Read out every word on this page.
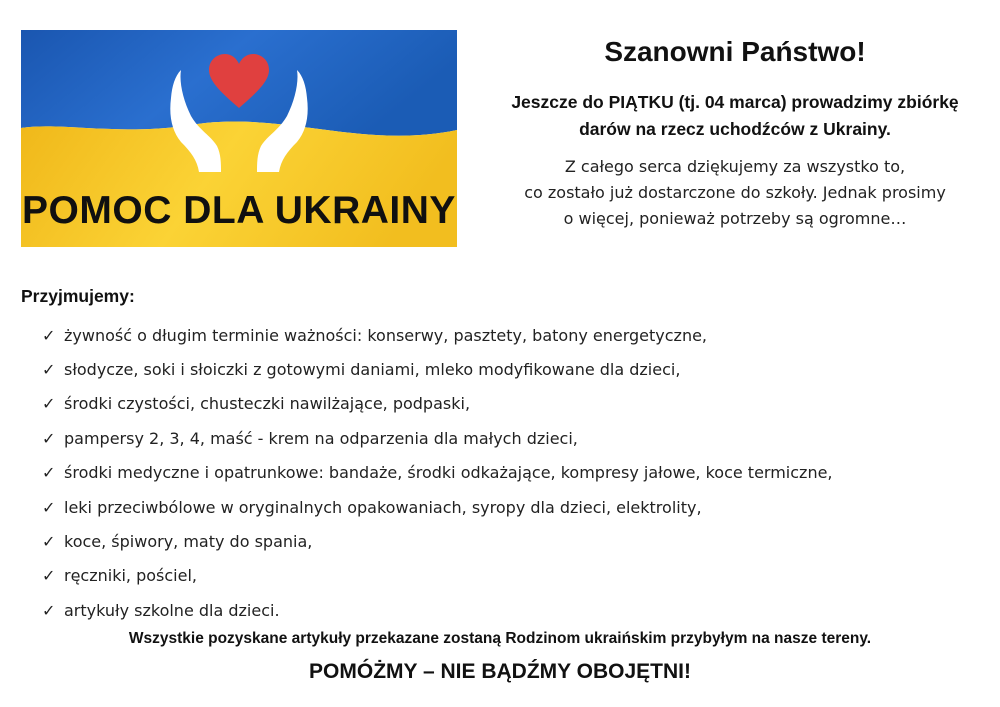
POMOC DLA UKRAINY
Szanowni Państwo!
Jeszcze do PIĄTKU (tj. 04 marca) prowadzimy zbiórkę
darów na rzecz uchodźców z Ukrainy.
Z całego serca dziękujemy za wszystko to,
co zostało już dostarczone do szkoły. Jednak prosimy
o więcej, ponieważ potrzeby są ogromne…
Przyjmujemy:
✓ żywność o długim terminie ważności: konserwy, pasztety, batony energetyczne,
✓ słodycze, soki i słoiczki z gotowymi daniami, mleko modyfikowane dla dzieci,
✓ środki czystości, chusteczki nawilżające, podpaski,
✓ pampersy 2, 3, 4, maść - krem na odparzenia dla małych dzieci,
✓ środki medyczne i opatrunkowe: bandaże, środki odkażające, kompresy jałowe, koce termiczne,
✓ leki przeciwbólowe w oryginalnych opakowaniach, syropy dla dzieci, elektrolity,
✓ koce, śpiwory, maty do spania,
✓ ręczniki, pościel,
✓ artykuły szkolne dla dzieci.
Wszystkie pozyskane artykuły przekazane zostaną Rodzinom ukraińskim przybyłym na nasze tereny.
POMÓŻMY – NIE BĄDŹMY OBOJĘTNI!
